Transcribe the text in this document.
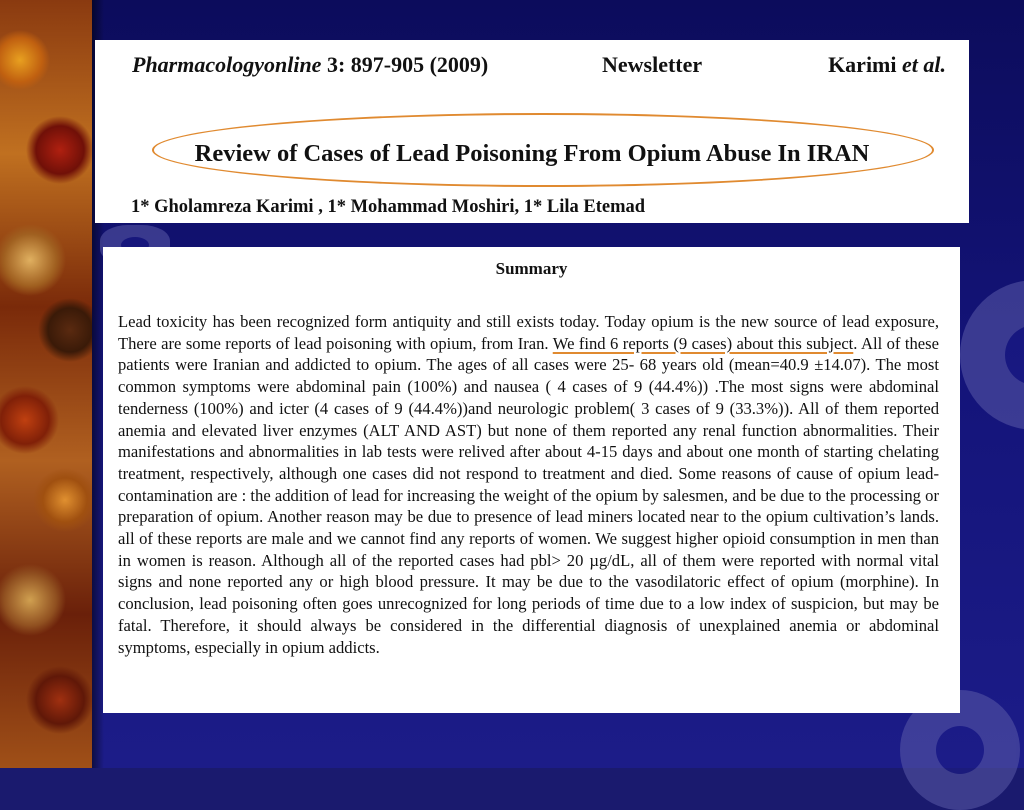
Pharmacologyonline 3: 897-905 (2009)	Newsletter	Karimi et al.
Review of Cases of Lead Poisoning From Opium Abuse In IRAN
1* Gholamreza Karimi , 1* Mohammad Moshiri, 1* Lila Etemad
Summary
Lead toxicity has been recognized form antiquity and still exists today. Today opium is the new source of lead exposure, There are some reports of lead poisoning with opium, from Iran. We find 6 reports (9 cases) about this subject. All of these patients were Iranian and addicted to opium. The ages of all cases were 25- 68 years old (mean=40.9 ±14.07). The most common symptoms were abdominal pain (100%) and nausea ( 4 cases of 9 (44.4%)) .The most signs were abdominal tenderness (100%) and icter (4 cases of 9 (44.4%))and neurologic problem( 3 cases of 9 (33.3%)). All of them reported anemia and elevated liver enzymes (ALT AND AST) but none of them reported any renal function abnormalities. Their manifestations and abnormalities in lab tests were relived after about 4-15 days and about one month of starting chelating treatment, respectively, although one cases did not respond to treatment and died. Some reasons of cause of opium lead-contamination are : the addition of lead for increasing the weight of the opium by salesmen, and be due to the processing or preparation of opium. Another reason may be due to presence of lead miners located near to the opium cultivation’s lands. all of these reports are male and we cannot find any reports of women. We suggest higher opioid consumption in men than in women is reason. Although all of the reported cases had pbl> 20 µg/dL, all of them were reported with normal vital signs and none reported any or high blood pressure. It may be due to the vasodilatoric effect of opium (morphine). In conclusion, lead poisoning often goes unrecognized for long periods of time due to a low index of suspicion, but may be fatal. Therefore, it should always be considered in the differential diagnosis of unexplained anemia or abdominal symptoms, especially in opium addicts.
